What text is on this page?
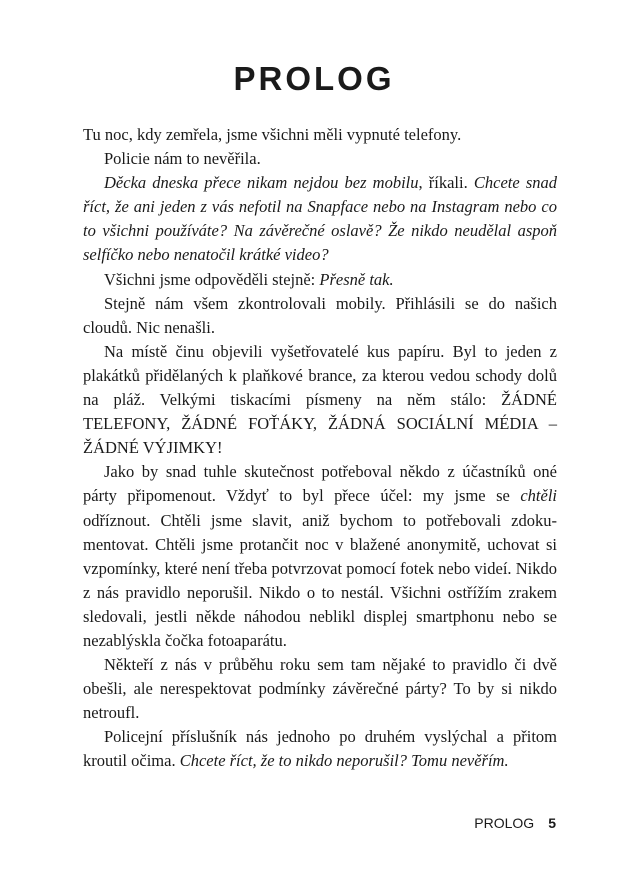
PROLOG

Tu noc, kdy zemřela, jsme všichni měli vypnuté telefony.

Policie nám to nevěřila.

Děcka dneska přece nikam nejdou bez mobilu, říkali. Chcete snad říct, že ani jeden z vás nefotil na Snapface nebo na Instagram nebo co to všichni používáte? Na závěrečné oslavě? Že nikdo neudělal aspoň selfíčko nebo nenatočil krátké video?

Všichni jsme odpověděli stejně: Přesně tak.

Stejně nám všem zkontrolovali mobily. Přihlásili se do našich cloudů. Nic nenašli.

Na místě činu objevili vyšetřovatelé kus papíru. Byl to jeden z plakátků přidělaných k plaňkové brance, za kterou vedou schody dolů na pláž. Velkými tiskacími písmeny na něm stálo: ŽÁDNÉ TELEFONY, ŽÁDNÉ FOŤÁKY, ŽÁDNÁ SOCIÁLNÍ MÉDIA – ŽÁDNÉ VÝJIMKY!

Jako by snad tuhle skutečnost potřeboval někdo z účastníků oné párty připomenout. Vždyť to byl přece účel: my jsme se chtěli odříznout. Chtěli jsme slavit, aniž bychom to potřebovali zdokumentovat. Chtěli jsme protančit noc v blažené anonymitě, uchovat si vzpomínky, které není třeba potvrzovat pomocí fotek nebo videí. Nikdo z nás pravidlo neporušil. Nikdo o to nestál. Všichni ostřížím zrakem sledovali, jestli někde náhodou neblikl displej smartphonu nebo se nezablýskla čočka fotoaparátu.

Někteří z nás v průběhu roku sem tam nějaké to pravidlo či dvě obešli, ale nerespektovat podmínky závěrečné párty? To by si nikdo netroufl.

Policejní příslušník nás jednoho po druhém vyslýchal a přitom kroutil očima. Chcete říct, že to nikdo neporušil? Tomu nevěřím.

PROLOG 5
